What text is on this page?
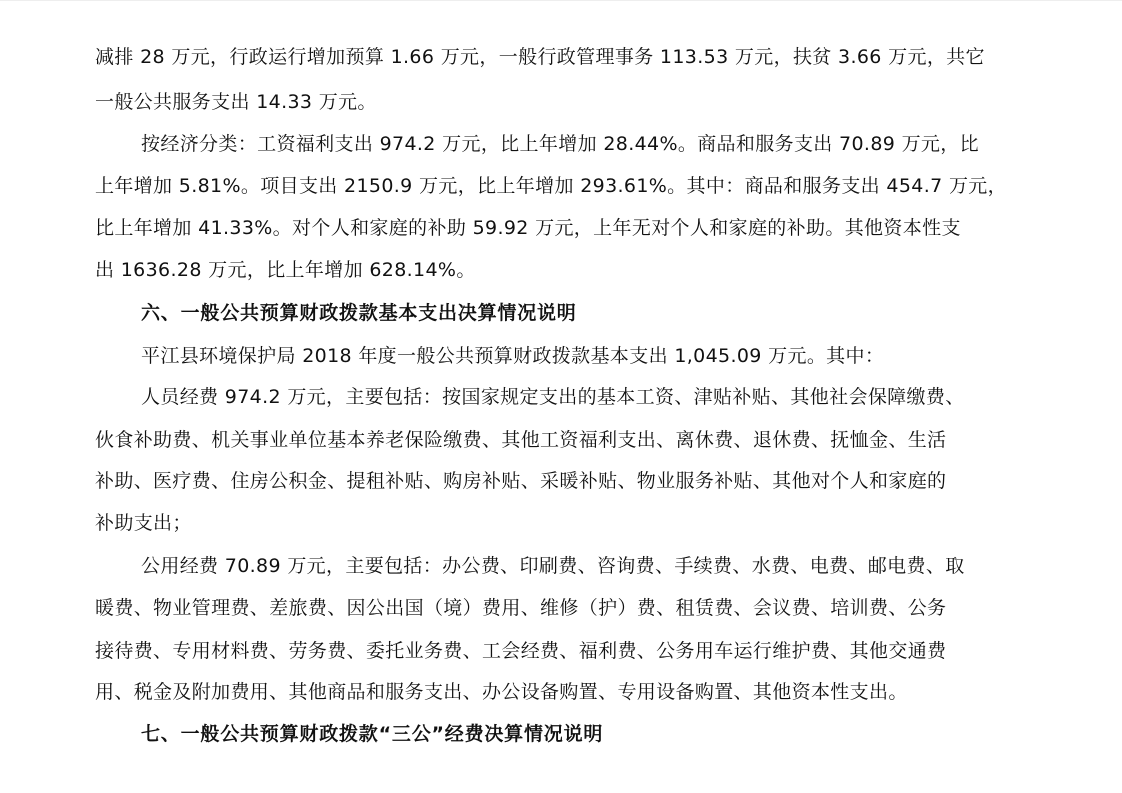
减排 28 万元，行政运行增加预算 1.66 万元，一般行政管理事务 113.53 万元，扶贫 3.66 万元，共它
一般公共服务支出 14.33 万元。
按经济分类：工资福利支出 974.2 万元，比上年增加 28.44%。商品和服务支出 70.89 万元，比
上年增加 5.81%。项目支出 2150.9 万元，比上年增加 293.61%。其中：商品和服务支出 454.7 万元，
比上年增加 41.33%。对个人和家庭的补助 59.92 万元，上年无对个人和家庭的补助。其他资本性支
出 1636.28 万元，比上年增加 628.14%。
六、一般公共预算财政拨款基本支出决算情况说明
平江县环境保护局 2018 年度一般公共预算财政拨款基本支出 1,045.09 万元。其中：
人员经费 974.2 万元，主要包括：按国家规定支出的基本工资、津贴补贴、其他社会保障缴费、
伙食补助费、机关事业单位基本养老保险缴费、其他工资福利支出、离休费、退休费、抚恤金、生活
补助、医疗费、住房公积金、提租补贴、购房补贴、采暖补贴、物业服务补贴、其他对个人和家庭的
补助支出；
公用经费 70.89 万元，主要包括：办公费、印刷费、咨询费、手续费、水费、电费、邮电费、取
暖费、物业管理费、差旅费、因公出国（境）费用、维修（护）费、租赁费、会议费、培训费、公务
接待费、专用材料费、劳务费、委托业务费、工会经费、福利费、公务用车运行维护费、其他交通费
用、税金及附加费用、其他商品和服务支出、办公设备购置、专用设备购置、其他资本性支出。
七、一般公共预算财政拨款“三公”经费决算情况说明
